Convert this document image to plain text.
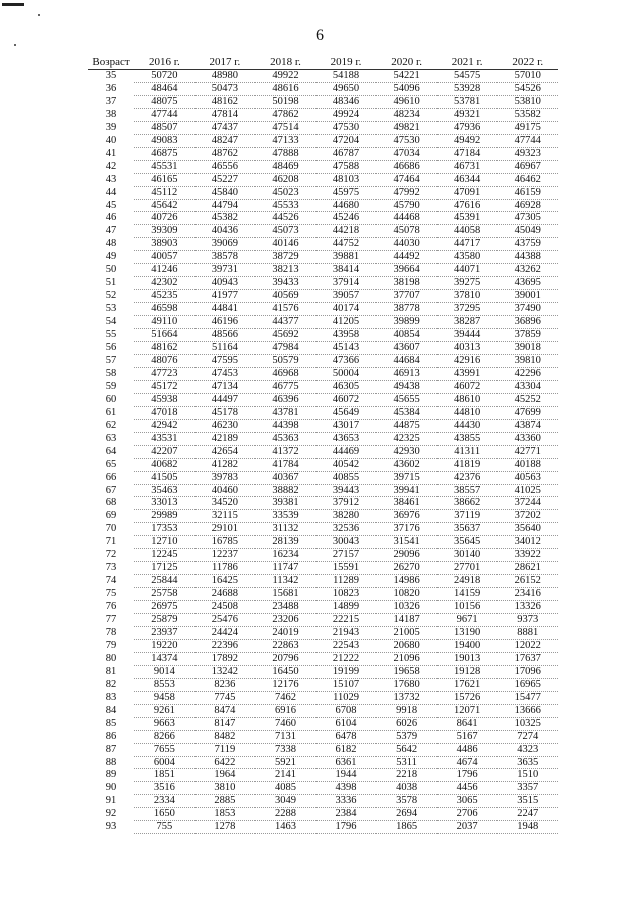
6
Возраст	2016 г.	2017 г.	2018 г.	2019 г.	2020 г.	2021 г.	2022 г.
35	50720	48980	49922	54188	54221	54575	57010
36	48464	50473	48616	49650	54096	53928	54526
37	48075	48162	50198	48346	49610	53781	53810
38	47744	47814	47862	49924	48234	49321	53582
39	48507	47437	47514	47530	49821	47936	49175
40	49083	48247	47133	47204	47530	49492	47744
41	46875	48762	47888	46787	47034	47184	49323
42	45531	46556	48469	47588	46686	46731	46967
43	46165	45227	46208	48103	47464	46344	46462
44	45112	45840	45023	45975	47992	47091	46159
45	45642	44794	45533	44680	45790	47616	46928
46	40726	45382	44526	45246	44468	45391	47305
47	39309	40436	45073	44218	45078	44058	45049
48	38903	39069	40146	44752	44030	44717	43759
49	40057	38578	38729	39881	44492	43580	44388
50	41246	39731	38213	38414	39664	44071	43262
51	42302	40943	39433	37914	38198	39275	43695
52	45235	41977	40569	39057	37707	37810	39001
53	46598	44841	41576	40174	38778	37295	37490
54	49110	46196	44377	41205	39899	38287	36896
55	51664	48566	45692	43958	40854	39444	37859
56	48162	51164	47984	45143	43607	40313	39018
57	48076	47595	50579	47366	44684	42916	39810
58	47723	47453	46968	50004	46913	43991	42296
59	45172	47134	46775	46305	49438	46072	43304
60	45938	44497	46396	46072	45655	48610	45252
61	47018	45178	43781	45649	45384	44810	47699
62	42942	46230	44398	43017	44875	44430	43874
63	43531	42189	45363	43653	42325	43855	43360
64	42207	42654	41372	44469	42930	41311	42771
65	40682	41282	41784	40542	43602	41819	40188
66	41505	39783	40367	40855	39715	42376	40563
67	35463	40460	38882	39443	39941	38557	41025
68	33013	34520	39381	37912	38461	38662	37244
69	29989	32115	33539	38280	36976	37119	37202
70	17353	29101	31132	32536	37176	35637	35640
71	12710	16785	28139	30043	31541	35645	34012
72	12245	12237	16234	27157	29096	30140	33922
73	17125	11786	11747	15591	26270	27701	28621
74	25844	16425	11342	11289	14986	24918	26152
75	25758	24688	15681	10823	10820	14159	23416
76	26975	24508	23488	14899	10326	10156	13326
77	25879	25476	23206	22215	14187	9671	9373
78	23937	24424	24019	21943	21005	13190	8881
79	19220	22396	22863	22543	20680	19400	12022
80	14374	17892	20796	21222	21096	19013	17637
81	9014	13242	16450	19199	19658	19128	17096
82	8553	8236	12176	15107	17680	17621	16965
83	9458	7745	7462	11029	13732	15726	15477
84	9261	8474	6916	6708	9918	12071	13666
85	9663	8147	7460	6104	6026	8641	10325
86	8266	8482	7131	6478	5379	5167	7274
87	7655	7119	7338	6182	5642	4486	4323
88	6004	6422	5921	6361	5311	4674	3635
89	1851	1964	2141	1944	2218	1796	1510
90	3516	3810	4085	4398	4038	4456	3357
91	2334	2885	3049	3336	3578	3065	3515
92	1650	1853	2288	2384	2694	2706	2247
93	755	1278	1463	1796	1865	2037	1948
